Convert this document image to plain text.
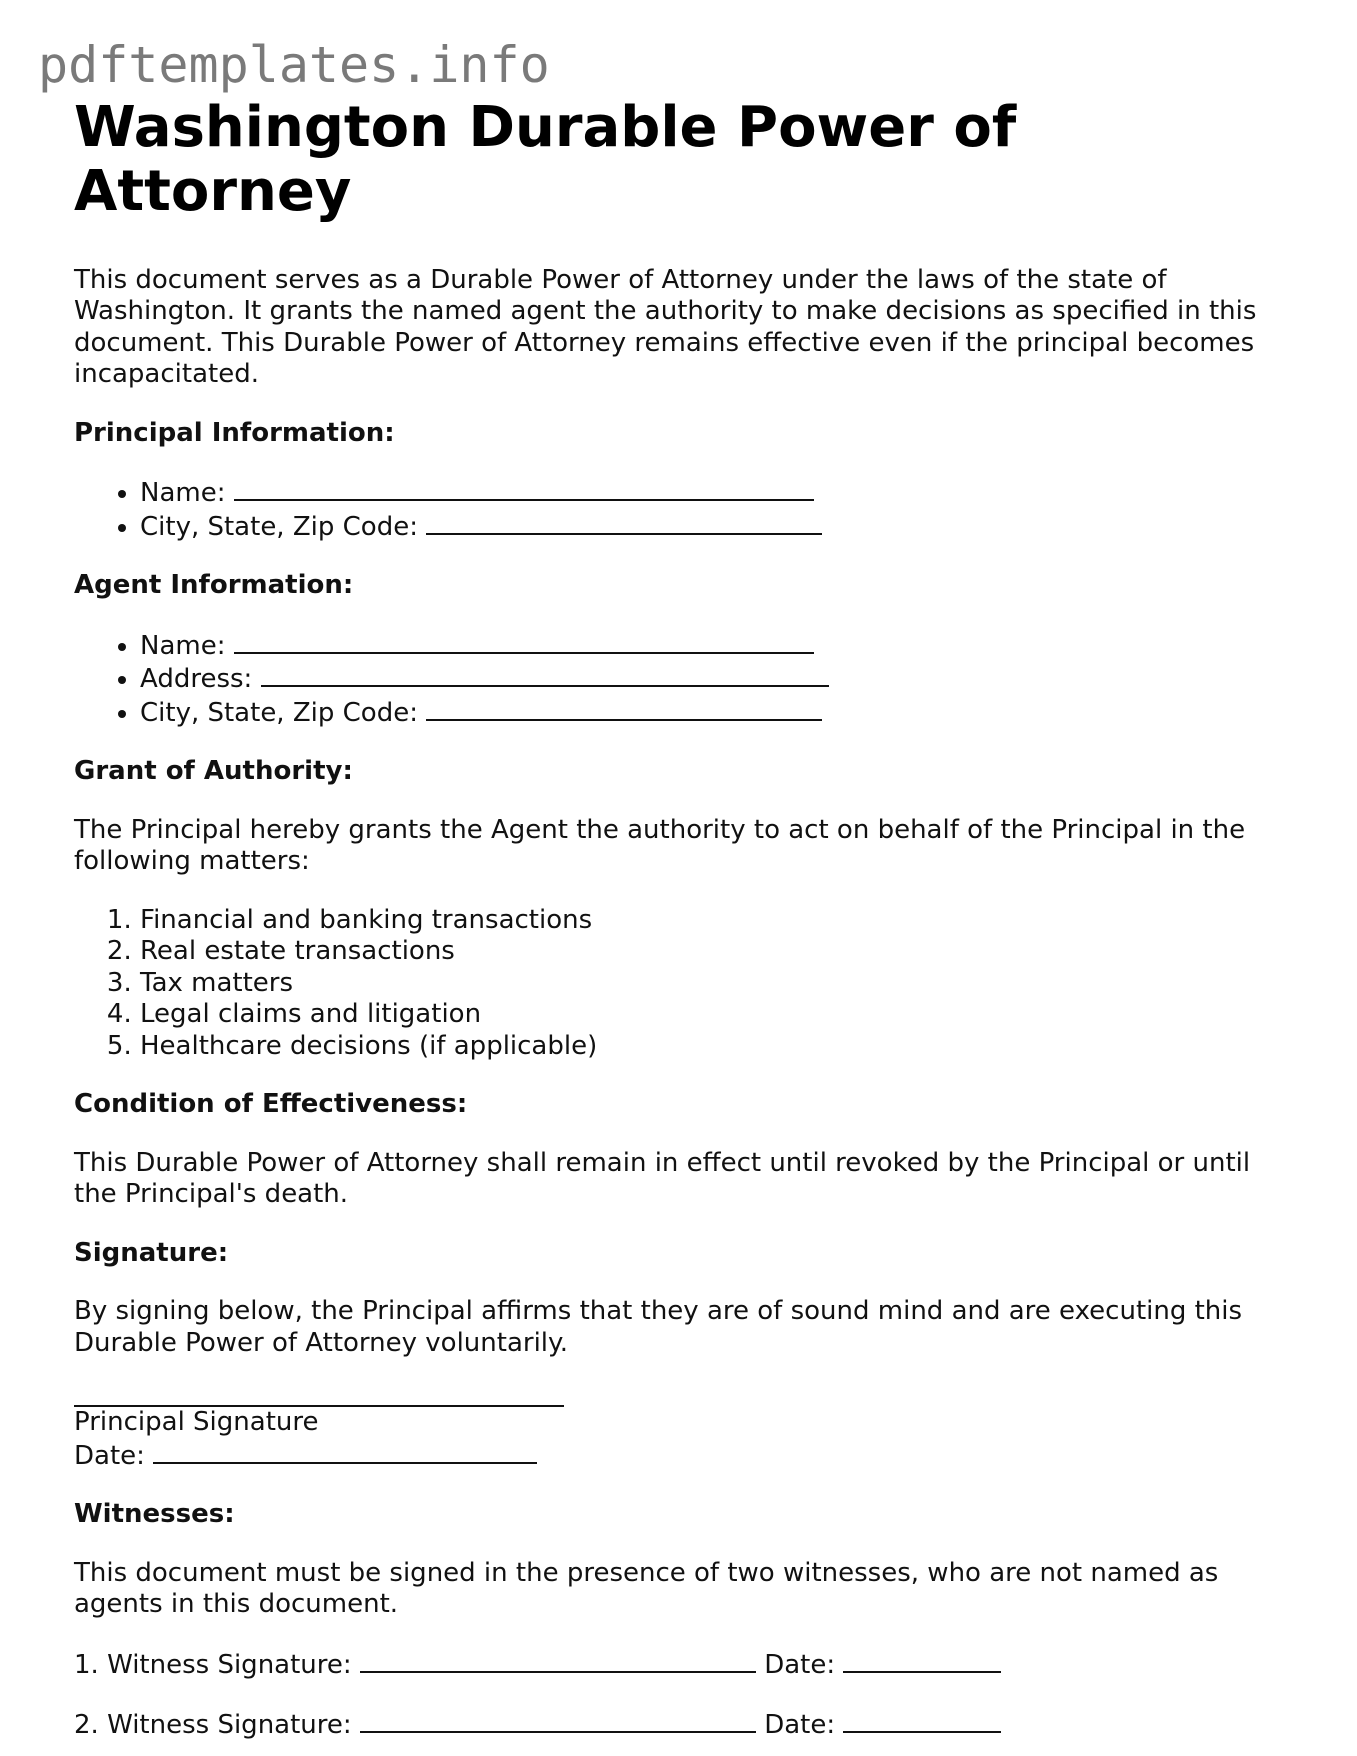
pdftemplates.info
Washington Durable Power of Attorney

This document serves as a Durable Power of Attorney under the laws of the state of Washington. It grants the named agent the authority to make decisions as specified in this document. This Durable Power of Attorney remains effective even if the principal becomes incapacitated.

Principal Information:

• Name:
• City, State, Zip Code:

Agent Information:

• Name:
• Address:
• City, State, Zip Code:

Grant of Authority:

The Principal hereby grants the Agent the authority to act on behalf of the Principal in the following matters:

1. Financial and banking transactions
2. Real estate transactions
3. Tax matters
4. Legal claims and litigation
5. Healthcare decisions (if applicable)

Condition of Effectiveness:

This Durable Power of Attorney shall remain in effect until revoked by the Principal or until the Principal's death.

Signature:

By signing below, the Principal affirms that they are of sound mind and are executing this Durable Power of Attorney voluntarily.

Principal Signature

Date:

Witnesses:

This document must be signed in the presence of two witnesses, who are not named as agents in this document.

1. Witness Signature:	Date:

2. Witness Signature:	Date:
